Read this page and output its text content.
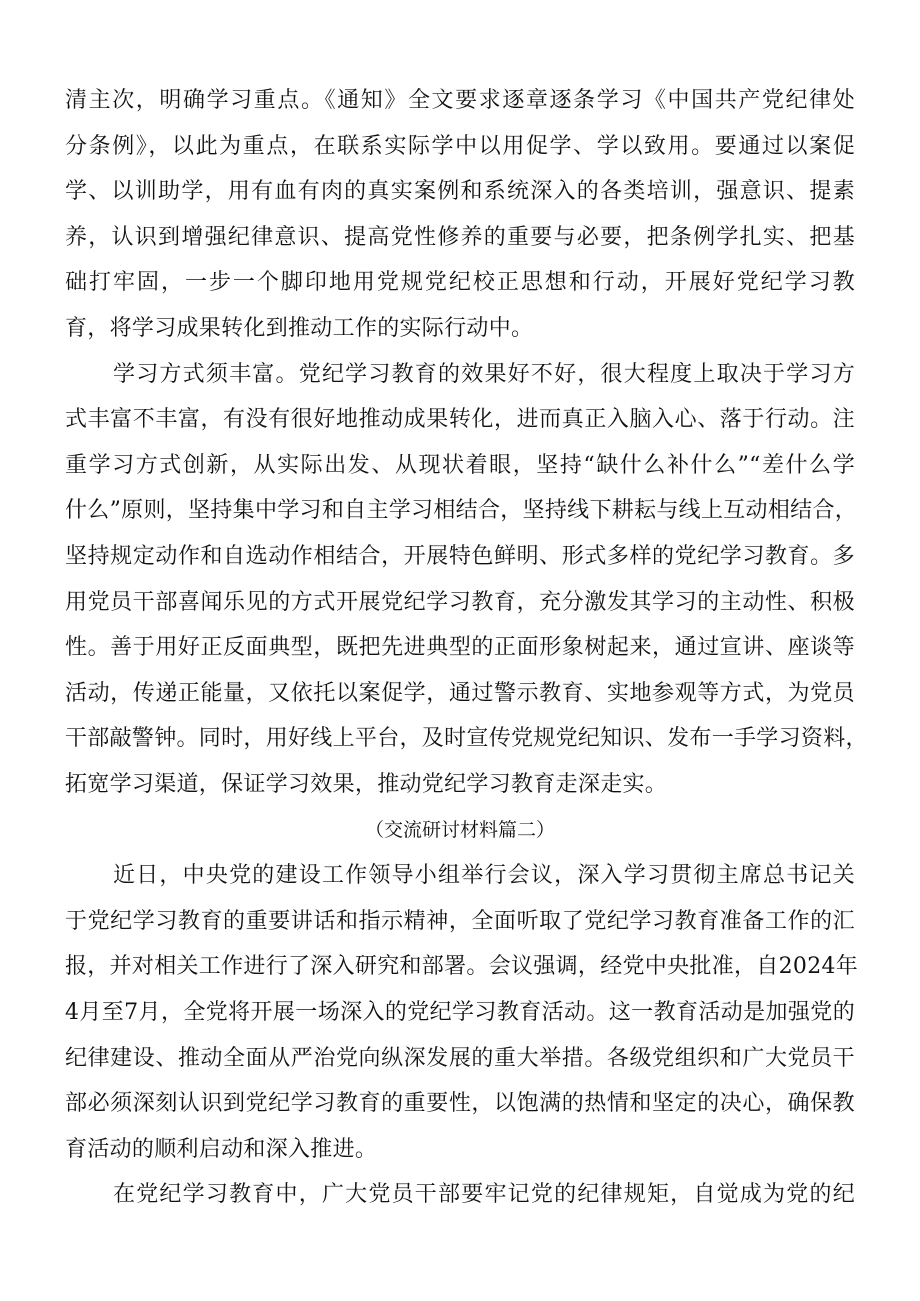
清主次，明确学习重点。《通知》全文要求逐章逐条学习《中国共产党纪律处
分条例》，以此为重点，在联系实际学中以用促学、学以致用。要通过以案促
学、以训助学，用有血有肉的真实案例和系统深入的各类培训，强意识、提素
养，认识到增强纪律意识、提高党性修养的重要与必要，把条例学扎实、把基
础打牢固，一步一个脚印地用党规党纪校正思想和行动，开展好党纪学习教
育，将学习成果转化到推动工作的实际行动中。
学习方式须丰富。党纪学习教育的效果好不好，很大程度上取决于学习方
式丰富不丰富，有没有很好地推动成果转化，进而真正入脑入心、落于行动。注
重学习方式创新，从实际出发、从现状着眼，坚持“缺什么补什么”“差什么学
什么”原则，坚持集中学习和自主学习相结合，坚持线下耕耘与线上互动相结合，
坚持规定动作和自选动作相结合，开展特色鲜明、形式多样的党纪学习教育。多
用党员干部喜闻乐见的方式开展党纪学习教育，充分激发其学习的主动性、积极
性。善于用好正反面典型，既把先进典型的正面形象树起来，通过宣讲、座谈等
活动，传递正能量，又依托以案促学，通过警示教育、实地参观等方式，为党员
干部敲警钟。同时，用好线上平台，及时宣传党规党纪知识、发布一手学习资料，
拓宽学习渠道，保证学习效果，推动党纪学习教育走深走实。
（交流研讨材料篇二）
近日，中央党的建设工作领导小组举行会议，深入学习贯彻主席总书记关
于党纪学习教育的重要讲话和指示精神，全面听取了党纪学习教育准备工作的汇
报，并对相关工作进行了深入研究和部署。会议强调，经党中央批准，自2024年
4月至7月，全党将开展一场深入的党纪学习教育活动。这一教育活动是加强党的
纪律建设、推动全面从严治党向纵深发展的重大举措。各级党组织和广大党员干
部必须深刻认识到党纪学习教育的重要性，以饱满的热情和坚定的决心，确保教
育活动的顺利启动和深入推进。
在党纪学习教育中，广大党员干部要牢记党的纪律规矩，自觉成为党的纪
